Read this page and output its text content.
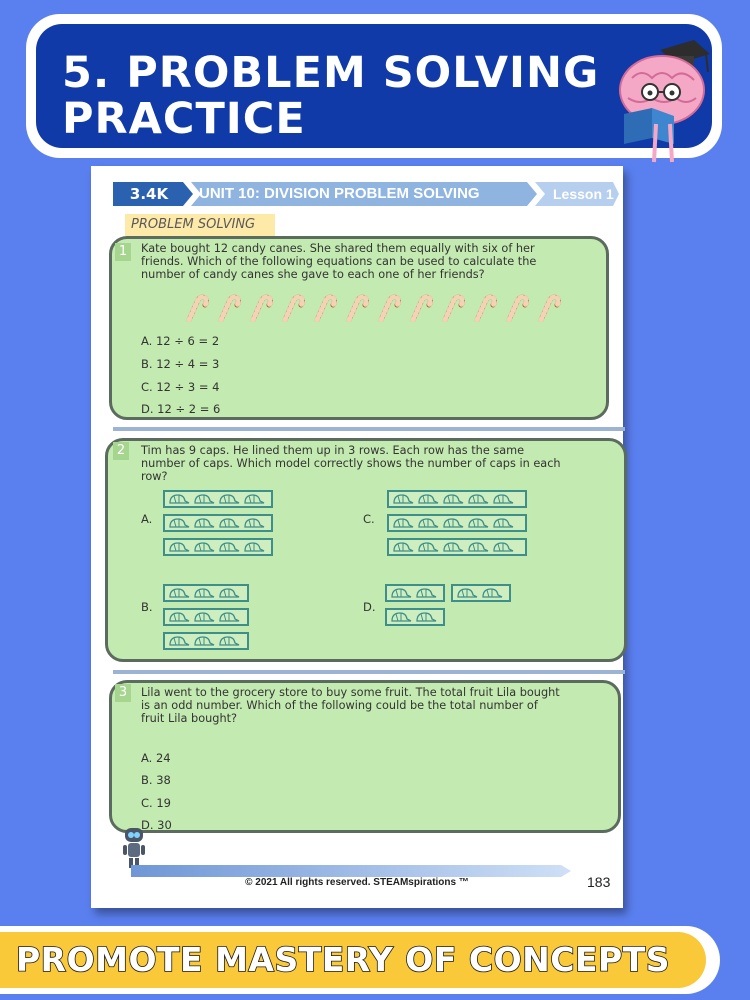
5. PROBLEM SOLVING
PRACTICE
3.4K	UNIT 10: DIVISION PROBLEM SOLVING	Lesson 1
PROBLEM SOLVING
1	Kate bought 12 candy canes. She shared them equally with six of her
friends. Which of the following equations can be used to calculate the
number of candy canes she gave to each one of her friends?
A. 12 ÷ 6 = 2
B. 12 ÷ 4 = 3
C. 12 ÷ 3 = 4
D. 12 ÷ 2 = 6
2	Tim has 9 caps. He lined them up in 3 rows. Each row has the same
number of caps. Which model correctly shows the number of caps in each
row?
A.	C.
B.	D.
3	Lila went to the grocery store to buy some fruit. The total fruit Lila bought
is an odd number. Which of the following could be the total number of
fruit Lila bought?
A. 24
B. 38
C. 19
D. 30
© 2021 All rights reserved. STEAMspirations ™	183
PROMOTE MASTERY OF CONCEPTS
